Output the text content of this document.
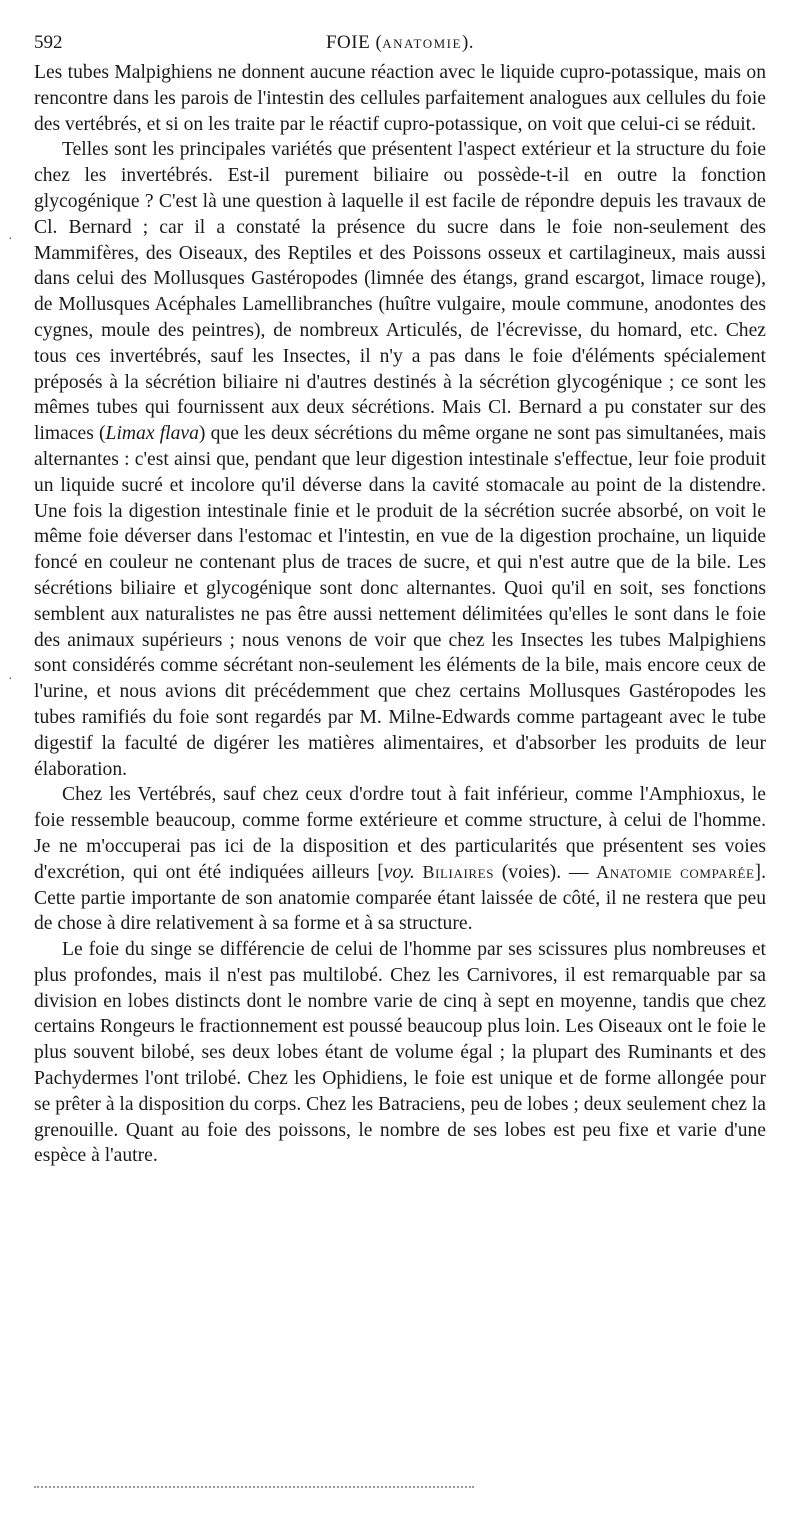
592	FOIE (ANATOMIE).

Les tubes Malpighiens ne donnent aucune réaction avec le liquide cupro-potassique, mais on rencontre dans les parois de l'intestin des cellules parfaitement analogues aux cellules du foie des vertébrés, et si on les traite par le réactif cupro-potassique, on voit que celui-ci se réduit.

Telles sont les principales variétés que présentent l'aspect extérieur et la structure du foie chez les invertébrés. Est-il purement biliaire ou possède-t-il en outre la fonction glycogénique ? C'est là une question à laquelle il est facile de répondre depuis les travaux de Cl. Bernard ; car il a constaté la présence du sucre dans le foie non-seulement des Mammifères, des Oiseaux, des Reptiles et des Poissons osseux et cartilagineux, mais aussi dans celui des Mollusques Gastéropodes (limnée des étangs, grand escargot, limace rouge), de Mollusques Acéphales Lamellibranches (huître vulgaire, moule commune, anodontes des cygnes, moule des peintres), de nombreux Articulés, de l'écrevisse, du homard, etc. Chez tous ces invertébrés, sauf les Insectes, il n'y a pas dans le foie d'éléments spécialement préposés à la sécrétion biliaire ni d'autres destinés à la sécrétion glycogénique ; ce sont les mêmes tubes qui fournissent aux deux sécrétions. Mais Cl. Bernard a pu constater sur des limaces (Limax flava) que les deux sécrétions du même organe ne sont pas simultanées, mais alternantes : c'est ainsi que, pendant que leur digestion intestinale s'effectue, leur foie produit un liquide sucré et incolore qu'il déverse dans la cavité stomacale au point de la distendre. Une fois la digestion intestinale finie et le produit de la sécrétion sucrée absorbé, on voit le même foie déverser dans l'estomac et l'intestin, en vue de la digestion prochaine, un liquide foncé en couleur ne contenant plus de traces de sucre, et qui n'est autre que de la bile. Les sécrétions biliaire et glycogénique sont donc alternantes. Quoi qu'il en soit, ses fonctions semblent aux naturalistes ne pas être aussi nettement délimitées qu'elles le sont dans le foie des animaux supérieurs ; nous venons de voir que chez les Insectes les tubes Malpighiens sont considérés comme sécrétant non-seulement les éléments de la bile, mais encore ceux de l'urine, et nous avions dit précédemment que chez certains Mollusques Gastéropodes les tubes ramifiés du foie sont regardés par M. Milne-Edwards comme partageant avec le tube digestif la faculté de digérer les matières alimentaires, et d'absorber les produits de leur élaboration.

Chez les Vertébrés, sauf chez ceux d'ordre tout à fait inférieur, comme l'Amphioxus, le foie ressemble beaucoup, comme forme extérieure et comme structure, à celui de l'homme. Je ne m'occuperai pas ici de la disposition et des particularités que présentent ses voies d'excrétion, qui ont été indiquées ailleurs [voy. Biliaires (voies). — Anatomie comparée]. Cette partie importante de son anatomie comparée étant laissée de côté, il ne restera que peu de chose à dire relativement à sa forme et à sa structure.

Le foie du singe se différencie de celui de l'homme par ses scissures plus nombreuses et plus profondes, mais il n'est pas multilobé. Chez les Carnivores, il est remarquable par sa division en lobes distincts dont le nombre varie de cinq à sept en moyenne, tandis que chez certains Rongeurs le fractionnement est poussé beaucoup plus loin. Les Oiseaux ont le foie le plus souvent bilobé, ses deux lobes étant de volume égal ; la plupart des Ruminants et des Pachydermes l'ont trilobé. Chez les Ophidiens, le foie est unique et de forme allongée pour se prêter à la disposition du corps. Chez les Batraciens, peu de lobes ; deux seulement chez la grenouille. Quant au foie des poissons, le nombre de ses lobes est peu fixe et varie d'une espèce à l'autre.

·
·
